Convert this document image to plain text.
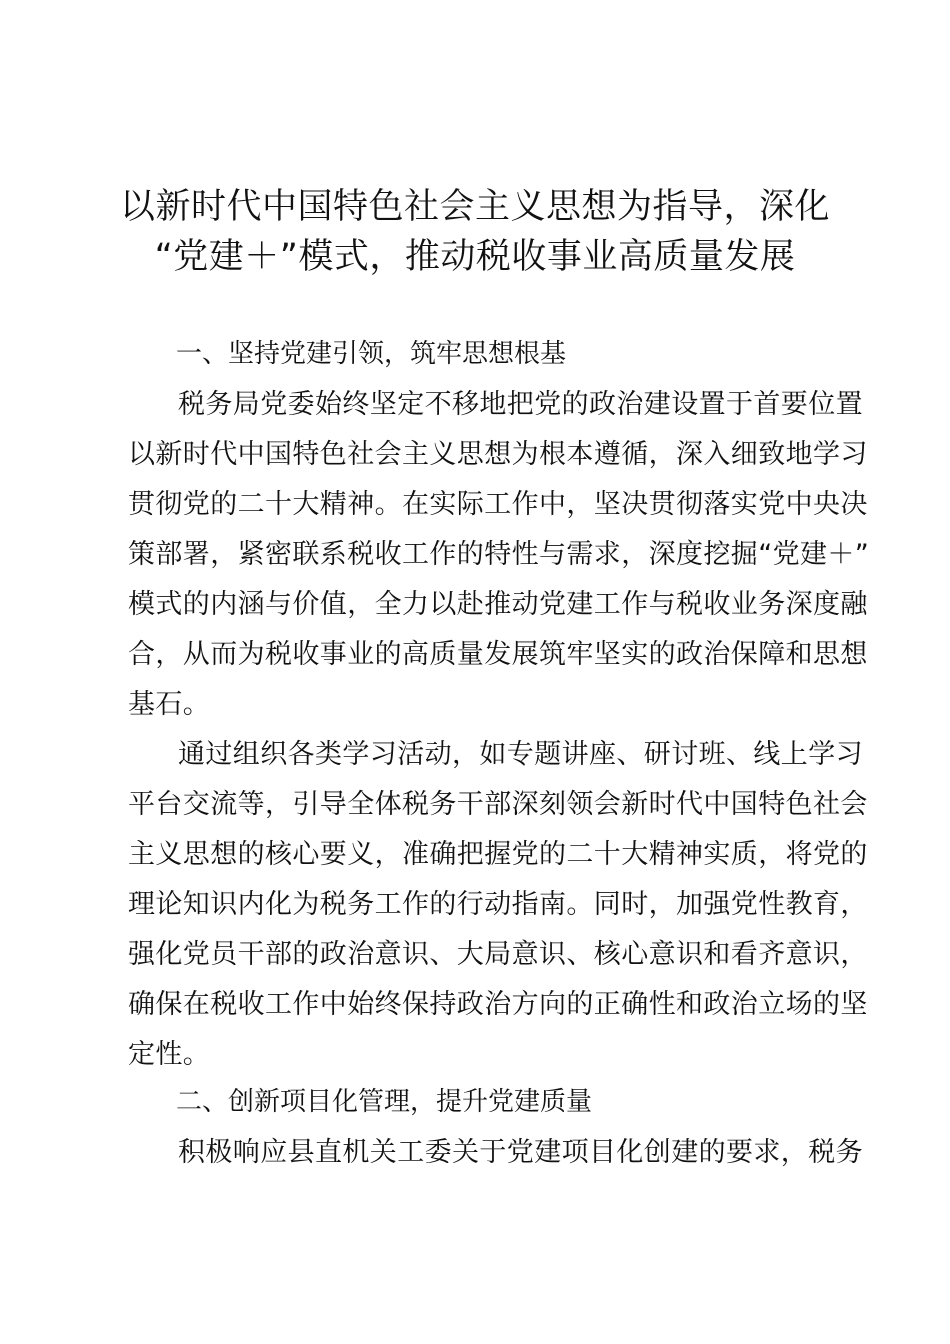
以新时代中国特色社会主义思想为指导，深化
“党建＋”模式，推动税收事业高质量发展
一、坚持党建引领，筑牢思想根基
税务局党委始终坚定不移地把党的政治建设置于首要位置
以新时代中国特色社会主义思想为根本遵循，深入细致地学习
贯彻党的二十大精神。在实际工作中，坚决贯彻落实党中央决
策部署，紧密联系税收工作的特性与需求，深度挖掘“党建＋”
模式的内涵与价值，全力以赴推动党建工作与税收业务深度融
合，从而为税收事业的高质量发展筑牢坚实的政治保障和思想
基石。
通过组织各类学习活动，如专题讲座、研讨班、线上学习
平台交流等，引导全体税务干部深刻领会新时代中国特色社会
主义思想的核心要义，准确把握党的二十大精神实质，将党的
理论知识内化为税务工作的行动指南。同时，加强党性教育，
强化党员干部的政治意识、大局意识、核心意识和看齐意识，
确保在税收工作中始终保持政治方向的正确性和政治立场的坚
定性。
二、创新项目化管理，提升党建质量
积极响应县直机关工委关于党建项目化创建的要求，税务
